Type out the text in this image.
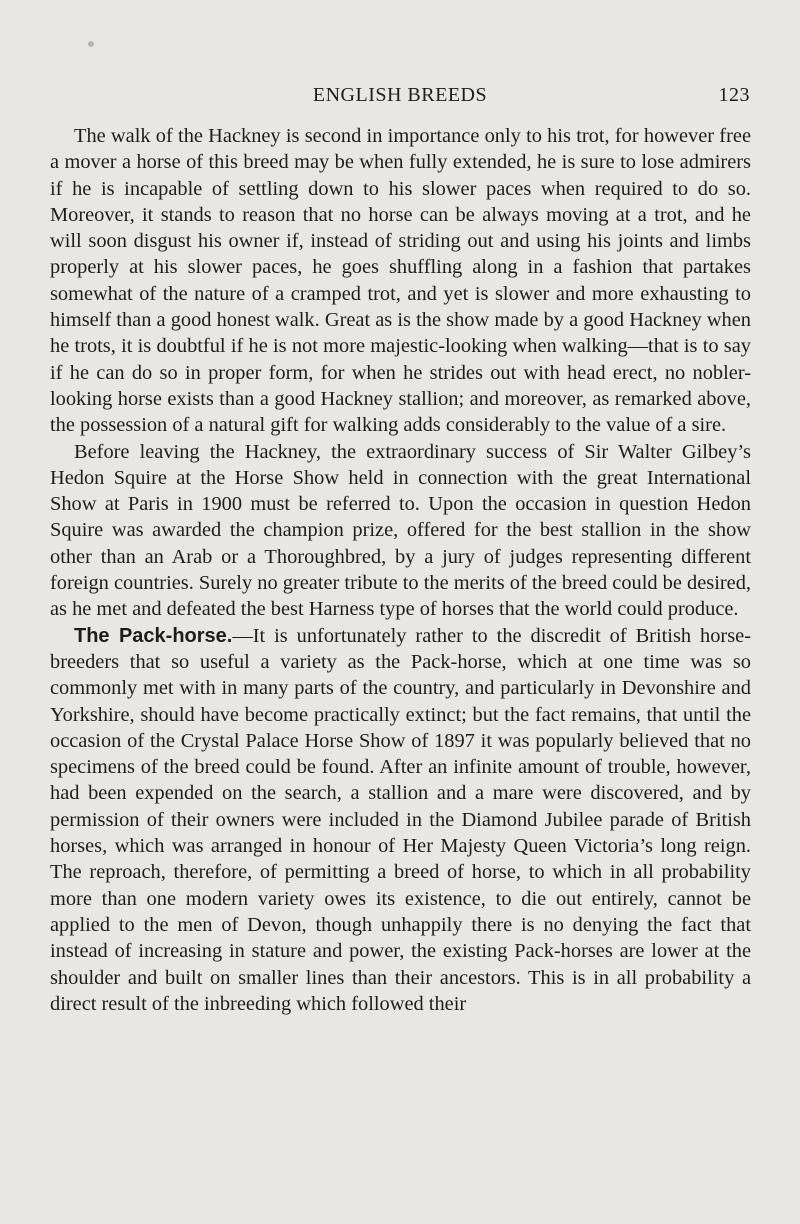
ENGLISH BREEDS	123

The walk of the Hackney is second in importance only to his trot, for however free a mover a horse of this breed may be when fully extended, he is sure to lose admirers if he is incapable of settling down to his slower paces when required to do so. Moreover, it stands to reason that no horse can be always moving at a trot, and he will soon disgust his owner if, instead of striding out and using his joints and limbs properly at his slower paces, he goes shuffling along in a fashion that partakes somewhat of the nature of a cramped trot, and yet is slower and more exhausting to himself than a good honest walk. Great as is the show made by a good Hackney when he trots, it is doubtful if he is not more majestic-looking when walking—that is to say if he can do so in proper form, for when he strides out with head erect, no nobler-looking horse exists than a good Hackney stallion; and moreover, as remarked above, the possession of a natural gift for walking adds considerably to the value of a sire.

Before leaving the Hackney, the extraordinary success of Sir Walter Gilbey’s Hedon Squire at the Horse Show held in connection with the great International Show at Paris in 1900 must be referred to. Upon the occasion in question Hedon Squire was awarded the champion prize, offered for the best stallion in the show other than an Arab or a Thoroughbred, by a jury of judges representing different foreign countries. Surely no greater tribute to the merits of the breed could be desired, as he met and defeated the best Harness type of horses that the world could produce.

The Pack-horse.—It is unfortunately rather to the discredit of British horse-breeders that so useful a variety as the Pack-horse, which at one time was so commonly met with in many parts of the country, and particularly in Devonshire and Yorkshire, should have become practically extinct; but the fact remains, that until the occasion of the Crystal Palace Horse Show of 1897 it was popularly believed that no specimens of the breed could be found. After an infinite amount of trouble, however, had been expended on the search, a stallion and a mare were discovered, and by permission of their owners were included in the Diamond Jubilee parade of British horses, which was arranged in honour of Her Majesty Queen Victoria’s long reign. The reproach, therefore, of permitting a breed of horse, to which in all probability more than one modern variety owes its existence, to die out entirely, cannot be applied to the men of Devon, though unhappily there is no denying the fact that instead of increasing in stature and power, the existing Pack-horses are lower at the shoulder and built on smaller lines than their ancestors. This is in all probability a direct result of the inbreeding which followed their
